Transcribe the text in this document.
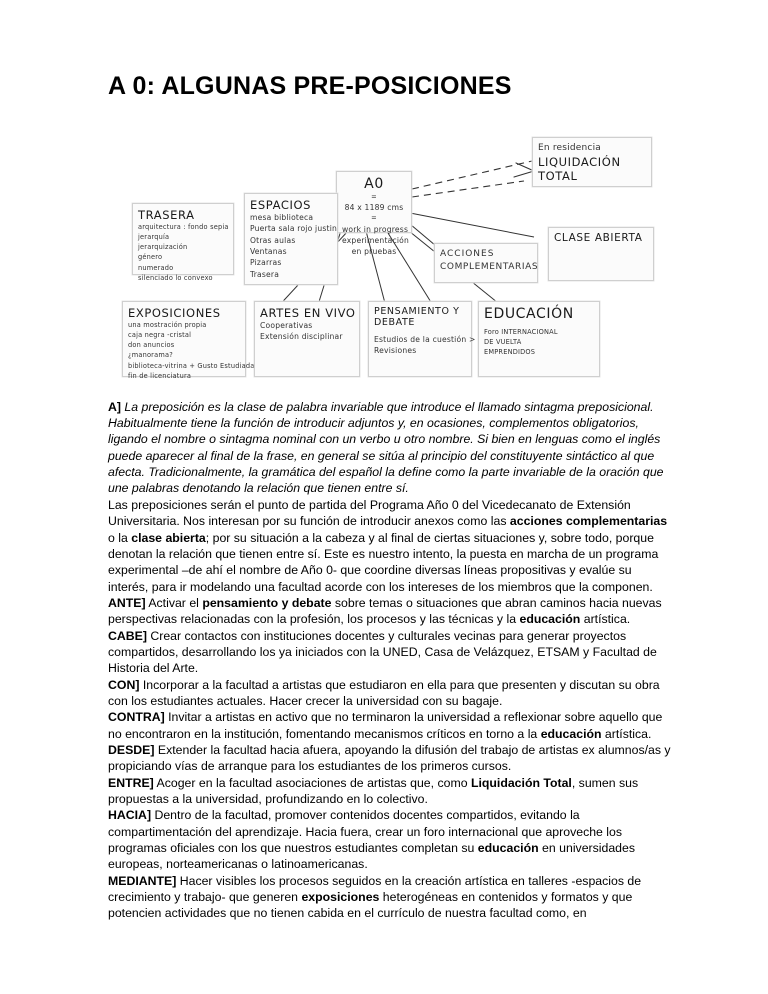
A 0: ALGUNAS PRE-POSICIONES
A0
=
84 x 1189 cms
=
work in progress
experimentación
en pruebas
En residencia
LIQUIDACIÓN
TOTAL
TRASERA
arquitectura : fondo sepia
jerarquía
jerarquización
género
numerado
silenciado lo convexo
ESPACIOS
mesa biblioteca
Puerta sala rojo justin
Otras aulas
Ventanas
Pizarras
Trasera
ACCIONES
COMPLEMENTARIAS
CLASE ABIERTA
EXPOSICIONES
una mostración propia
caja negra -cristal
don anuncios
¿manorama?
biblioteca-vitrina + Gusto Estudiada
fin de licenciatura
ARTES EN VIVO
Cooperativas
Extensión disciplinar
PENSAMIENTO Y DEBATE
Estudios de la cuestión >
Revisiones
EDUCACIÓN
Foro INTERNACIONAL
DE VUELTA
EMPRENDIDOS

A] La preposición es la clase de palabra invariable que introduce el llamado sintagma preposicional. Habitualmente tiene la función de introducir adjuntos y, en ocasiones, complementos obligatorios, ligando el nombre o sintagma nominal con un verbo u otro nombre. Si bien en lenguas como el inglés puede aparecer al final de la frase, en general se sitúa al principio del constituyente sintáctico al que afecta. Tradicionalmente, la gramática del español la define como la parte invariable de la oración que une palabras denotando la relación que tienen entre sí.

Las preposiciones serán el punto de partida del Programa Año 0 del Vicedecanato de Extensión Universitaria. Nos interesan por su función de introducir anexos como las acciones complementarias o la clase abierta; por su situación a la cabeza y al final de ciertas situaciones y, sobre todo, porque denotan la relación que tienen entre sí. Este es nuestro intento, la puesta en marcha de un programa experimental –de ahí el nombre de Año 0- que coordine diversas líneas propositivas y evalúe su interés, para ir modelando una facultad acorde con los intereses de los miembros que la componen.

ANTE] Activar el pensamiento y debate sobre temas o situaciones que abran caminos hacia nuevas perspectivas relacionadas con la profesión, los procesos y las técnicas y la educación artística.

CABE] Crear contactos con instituciones docentes y culturales vecinas para generar proyectos compartidos, desarrollando los ya iniciados con la UNED, Casa de Velázquez, ETSAM y Facultad de Historia del Arte.

CON] Incorporar a la facultad a artistas que estudiaron en ella para que presenten y discutan su obra con los estudiantes actuales. Hacer crecer la universidad con su bagaje.

CONTRA] Invitar a artistas en activo que no terminaron la universidad a reflexionar sobre aquello que no encontraron en la institución, fomentando mecanismos críticos en torno a la educación artística.

DESDE] Extender la facultad hacia afuera, apoyando la difusión del trabajo de artistas ex alumnos/as y propiciando vías de arranque para los estudiantes de los primeros cursos.

ENTRE] Acoger en la facultad asociaciones de artistas que, como Liquidación Total, sumen sus propuestas a la universidad, profundizando en lo colectivo.

HACIA] Dentro de la facultad, promover contenidos docentes compartidos, evitando la compartimentación del aprendizaje. Hacia fuera, crear un foro internacional que aproveche los programas oficiales con los que nuestros estudiantes completan su educación en universidades europeas, norteamericanas o latinoamericanas.

MEDIANTE] Hacer visibles los procesos seguidos en la creación artística en talleres -espacios de crecimiento y trabajo- que generen exposiciones heterogéneas en contenidos y formatos y que potencien actividades que no tienen cabida en el currículo de nuestra facultad como, en
